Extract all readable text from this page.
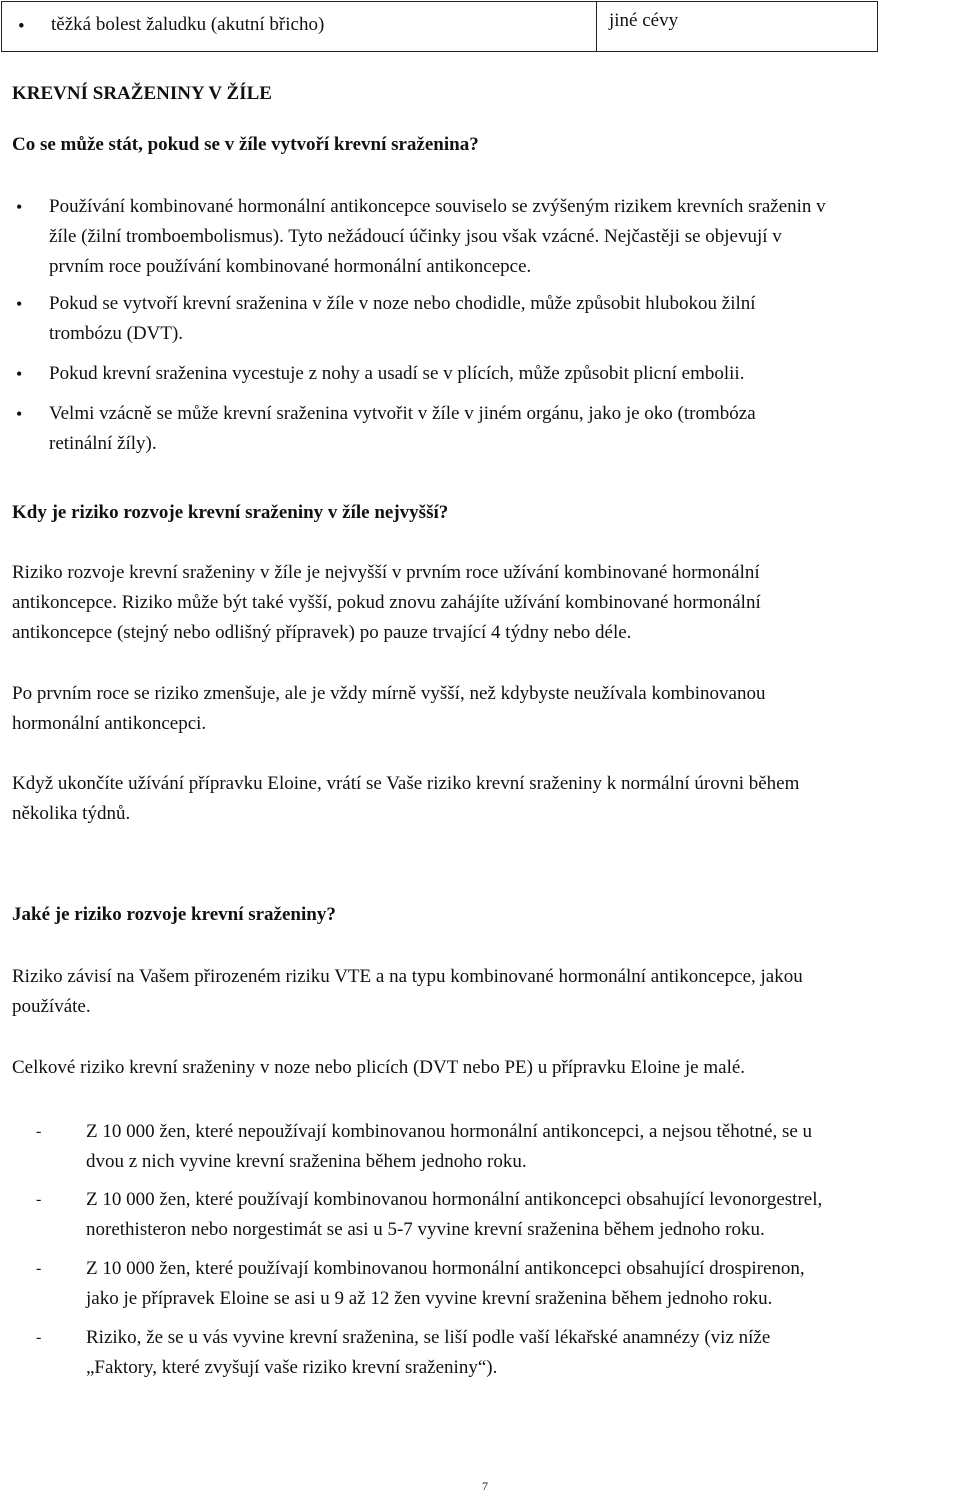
• těžká bolest žaludku (akutní břicho)	jiné cévy
KREVNÍ SRAŽENINY V ŽÍLE
Co se může stát, pokud se v žíle vytvoří krevní sraženina?
• Používání kombinované hormonální antikoncepce souviselo se zvýšeným rizikem krevních sraženin v
žíle (žilní tromboembolismus). Tyto nežádoucí účinky jsou však vzácné. Nejčastěji se objevují v
prvním roce používání kombinované hormonální antikoncepce.
• Pokud se vytvoří krevní sraženina v žíle v noze nebo chodidle, může způsobit hlubokou žilní
trombózu (DVT).
• Pokud krevní sraženina vycestuje z nohy a usadí se v plících, může způsobit plicní embolii.
• Velmi vzácně se může krevní sraženina vytvořit v žíle v jiném orgánu, jako je oko (trombóza
retinální žíly).
Kdy je riziko rozvoje krevní sraženiny v žíle nejvyšší?
Riziko rozvoje krevní sraženiny v žíle je nejvyšší v prvním roce užívání kombinované hormonální
antikoncepce. Riziko může být také vyšší, pokud znovu zahájíte užívání kombinované hormonální
antikoncepce (stejný nebo odlišný přípravek) po pauze trvající 4 týdny nebo déle.
Po prvním roce se riziko zmenšuje, ale je vždy mírně vyšší, než kdybyste neužívala kombinovanou
hormonální antikoncepci.
Když ukončíte užívání přípravku Eloine, vrátí se Vaše riziko krevní sraženiny k normální úrovni během
několika týdnů.
Jaké je riziko rozvoje krevní sraženiny?
Riziko závisí na Vašem přirozeném riziku VTE a na typu kombinované hormonální antikoncepce, jakou
používáte.
Celkové riziko krevní sraženiny v noze nebo plicích (DVT nebo PE) u přípravku Eloine je malé.
- Z 10 000 žen, které nepoužívají kombinovanou hormonální antikoncepci, a nejsou těhotné, se u
dvou z nich vyvine krevní sraženina během jednoho roku.
- Z 10 000 žen, které používají kombinovanou hormonální antikoncepci obsahující levonorgestrel,
norethisteron nebo norgestimát se asi u 5-7 vyvine krevní sraženina během jednoho roku.
- Z 10 000 žen, které používají kombinovanou hormonální antikoncepci obsahující drospirenon,
jako je přípravek Eloine se asi u 9 až 12 žen vyvine krevní sraženina během jednoho roku.
- Riziko, že se u vás vyvine krevní sraženina, se liší podle vaší lékařské anamnézy (viz níže
„Faktory, které zvyšují vaše riziko krevní sraženiny“).
7
